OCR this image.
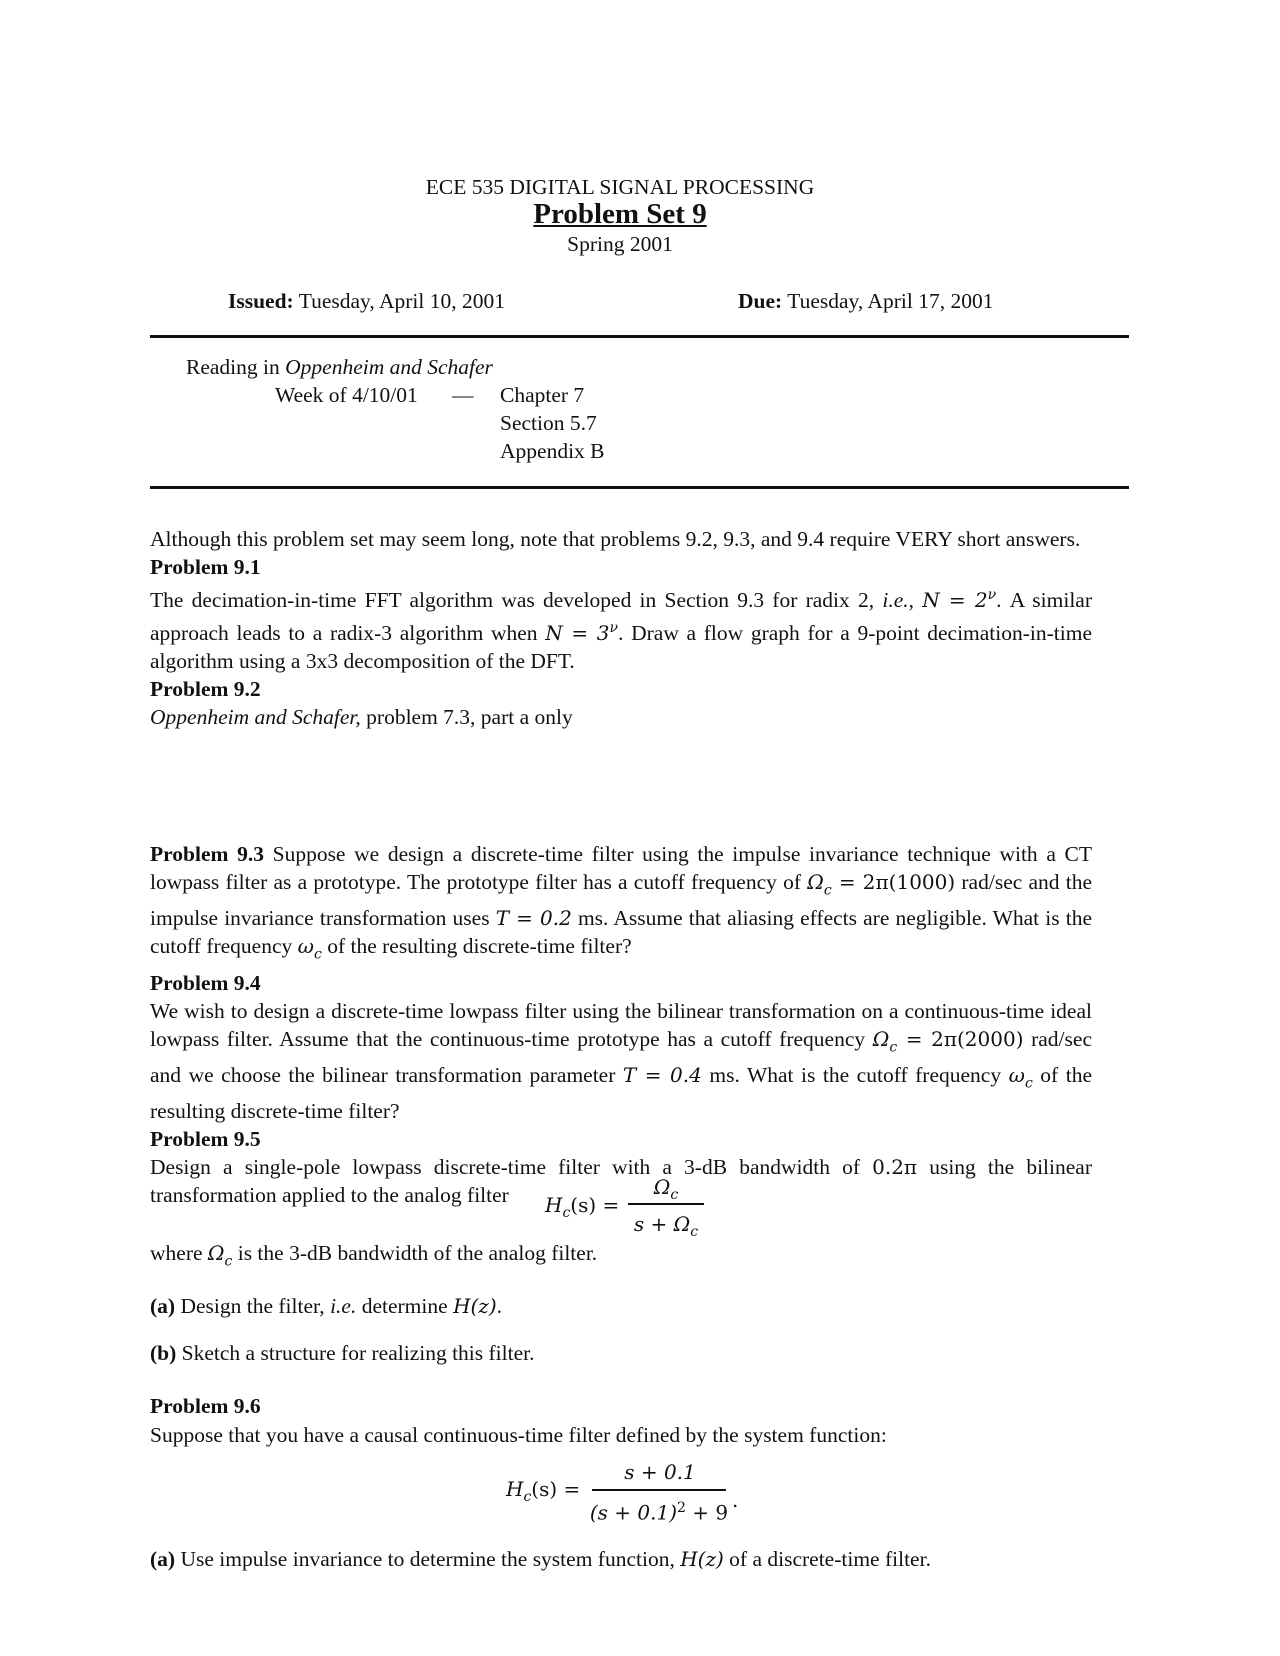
ECE 535 DIGITAL SIGNAL PROCESSING
Problem Set 9
Spring 2001
Issued: Tuesday, April 10, 2001	Due: Tuesday, April 17, 2001
Reading in Oppenheim and Schafer
Week of 4/10/01 — Chapter 7
Section 5.7
Appendix B

Although this problem set may seem long, note that problems 9.2, 9.3, and 9.4 require VERY short answers.

Problem 9.1

The decimation-in-time FFT algorithm was developed in Section 9.3 for radix 2, i.e., $N = 2^\nu$. A similar approach leads to a radix-3 algorithm when $N = 3^\nu$. Draw a flow graph for a 9-point decimation-in-time algorithm using a 3x3 decomposition of the DFT.

Problem 9.2

Oppenheim and Schafer, problem 7.3, part a only

Problem 9.3 Suppose we design a discrete-time filter using the impulse invariance technique with a CT lowpass filter as a prototype. The prototype filter has a cutoff frequency of $\Omega_c = 2\pi(1000)$ rad/sec and the impulse invariance transformation uses T = 0.2 ms. Assume that aliasing effects are negligible. What is the cutoff frequency $\omega_c$ of the resulting discrete-time filter?

Problem 9.4

We wish to design a discrete-time lowpass filter using the bilinear transformation on a continuous-time ideal lowpass filter. Assume that the continuous-time prototype has a cutoff frequency $\Omega_c = 2\pi(2000)$ rad/sec and we choose the bilinear transformation parameter T = 0.4 ms. What is the cutoff frequency $\omega_c$ of the resulting discrete-time filter?

Problem 9.5

Design a single-pole lowpass discrete-time filter with a 3-dB bandwidth of 0.2π using the bilinear transformation applied to the analog filter	$H_c(s)$ =
$\Omega_c$
$s + \Omega_c$
where $\Omega_c$ is the 3-dB bandwidth of the analog filter.
(a) Design the filter, i.e. determine H(z).
(b) Sketch a structure for realizing this filter.
Problem 9.6
Suppose that you have a causal continuous-time filter defined by the system function:
$H_c(s)$ =
s + 0.1
$(s + 0.1)^2 + 9$
.
(a) Use impulse invariance to determine the system function, H(z) of a discrete-time filter.
